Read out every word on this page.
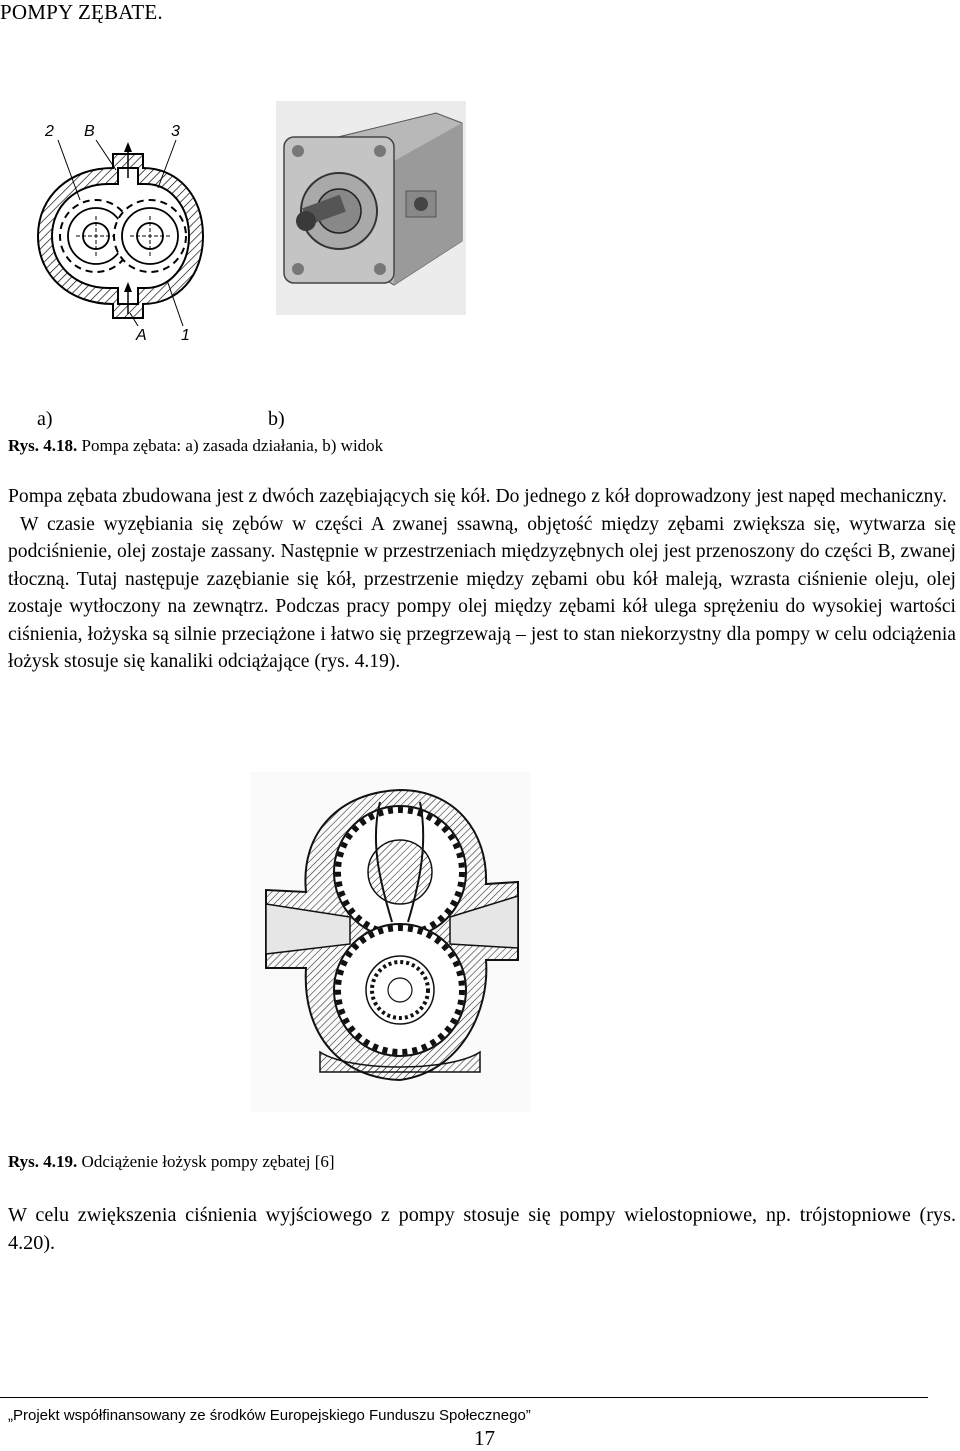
POMPY ZĘBATE.
2 B	3
A 1
a)	b)
Rys. 4.18. Pompa zębata: a) zasada działania, b) widok

Pompa zębata zbudowana jest z dwóch zazębiających się kół. Do jednego z kół doprowadzony jest napęd mechaniczny.

W czasie wyzębiania się zębów w części A zwanej ssawną, objętość między zębami zwiększa się, wytwarza się podciśnienie, olej zostaje zassany. Następnie w przestrzeniach międzyzębnych olej jest przenoszony do części B, zwanej tłoczną. Tutaj następuje zazębianie się kół, przestrzenie między zębami obu kół maleją, wzrasta ciśnienie oleju, olej zostaje wytłoczony na zewnątrz. Podczas pracy pompy olej między zębami kół ulega sprężeniu do wysokiej wartości ciśnienia, łożyska są silnie przeciążone i łatwo się przegrzewają – jest to stan niekorzystny dla pompy w celu odciążenia łożysk stosuje się kanaliki odciążające (rys. 4.19).

Rys. 4.19. Odciążenie łożysk pompy zębatej [6]
W celu zwiększenia ciśnienia wyjściowego z pompy stosuje się pompy wielostopniowe, np. trójstopniowe (rys. 4.20).
„Projekt współfinansowany ze środków Europejskiego Funduszu Społecznego”
17
